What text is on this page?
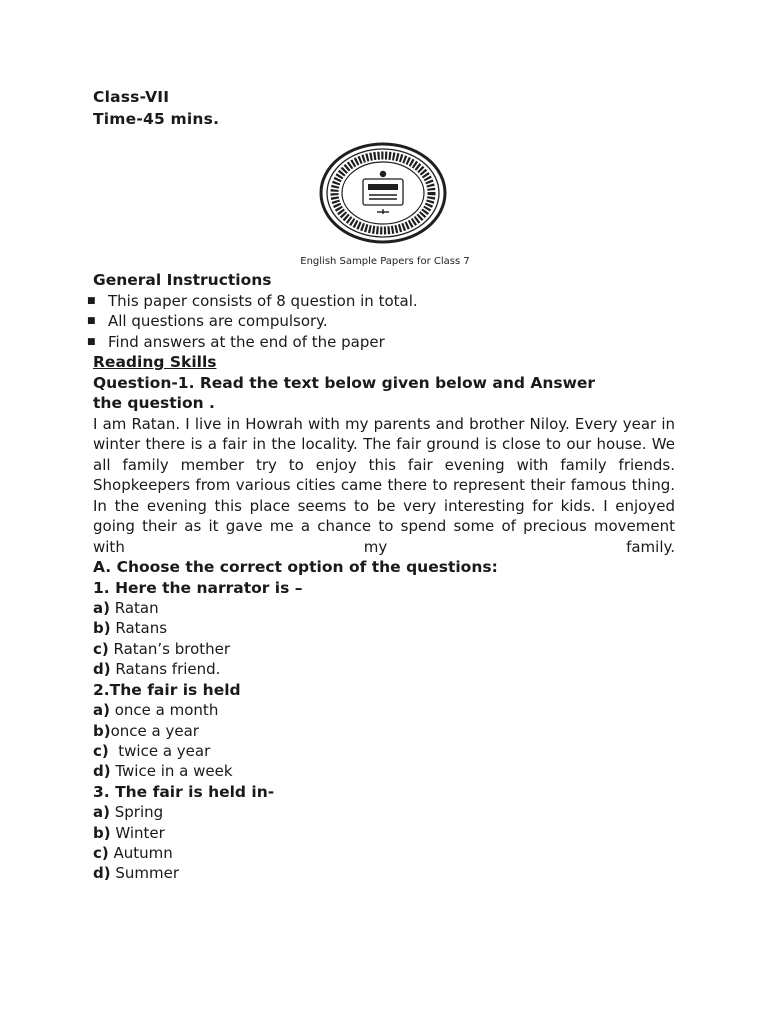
Class-VII
Time-45 mins.
English Sample Papers for Class 7
General Instructions
■ This paper consists of 8 question in total.
■ All questions are compulsory.
■ Find answers at the end of the paper
Reading Skills
Question-1. Read the text below given below and Answer
the question .
I am Ratan. I live in Howrah with my parents and brother Niloy. Every year in winter there is a fair in the locality. The fair ground is close to our house. We all family member try to enjoy this fair evening with family friends. Shopkeepers from various cities came there to represent their famous thing. In the evening this place seems to be very interesting for kids. I enjoyed going their as it gave me a chance to spend some of precious movement with my family.
A. Choose the correct option of the questions:
1. Here the narrator is –
a) Ratan
b) Ratans
c) Ratan’s brother
d) Ratans friend.
2.The fair is held
a) once a month
b)once a year
c)  twice a year
d) Twice in a week
3. The fair is held in-
a) Spring
b) Winter
c) Autumn
d) Summer
